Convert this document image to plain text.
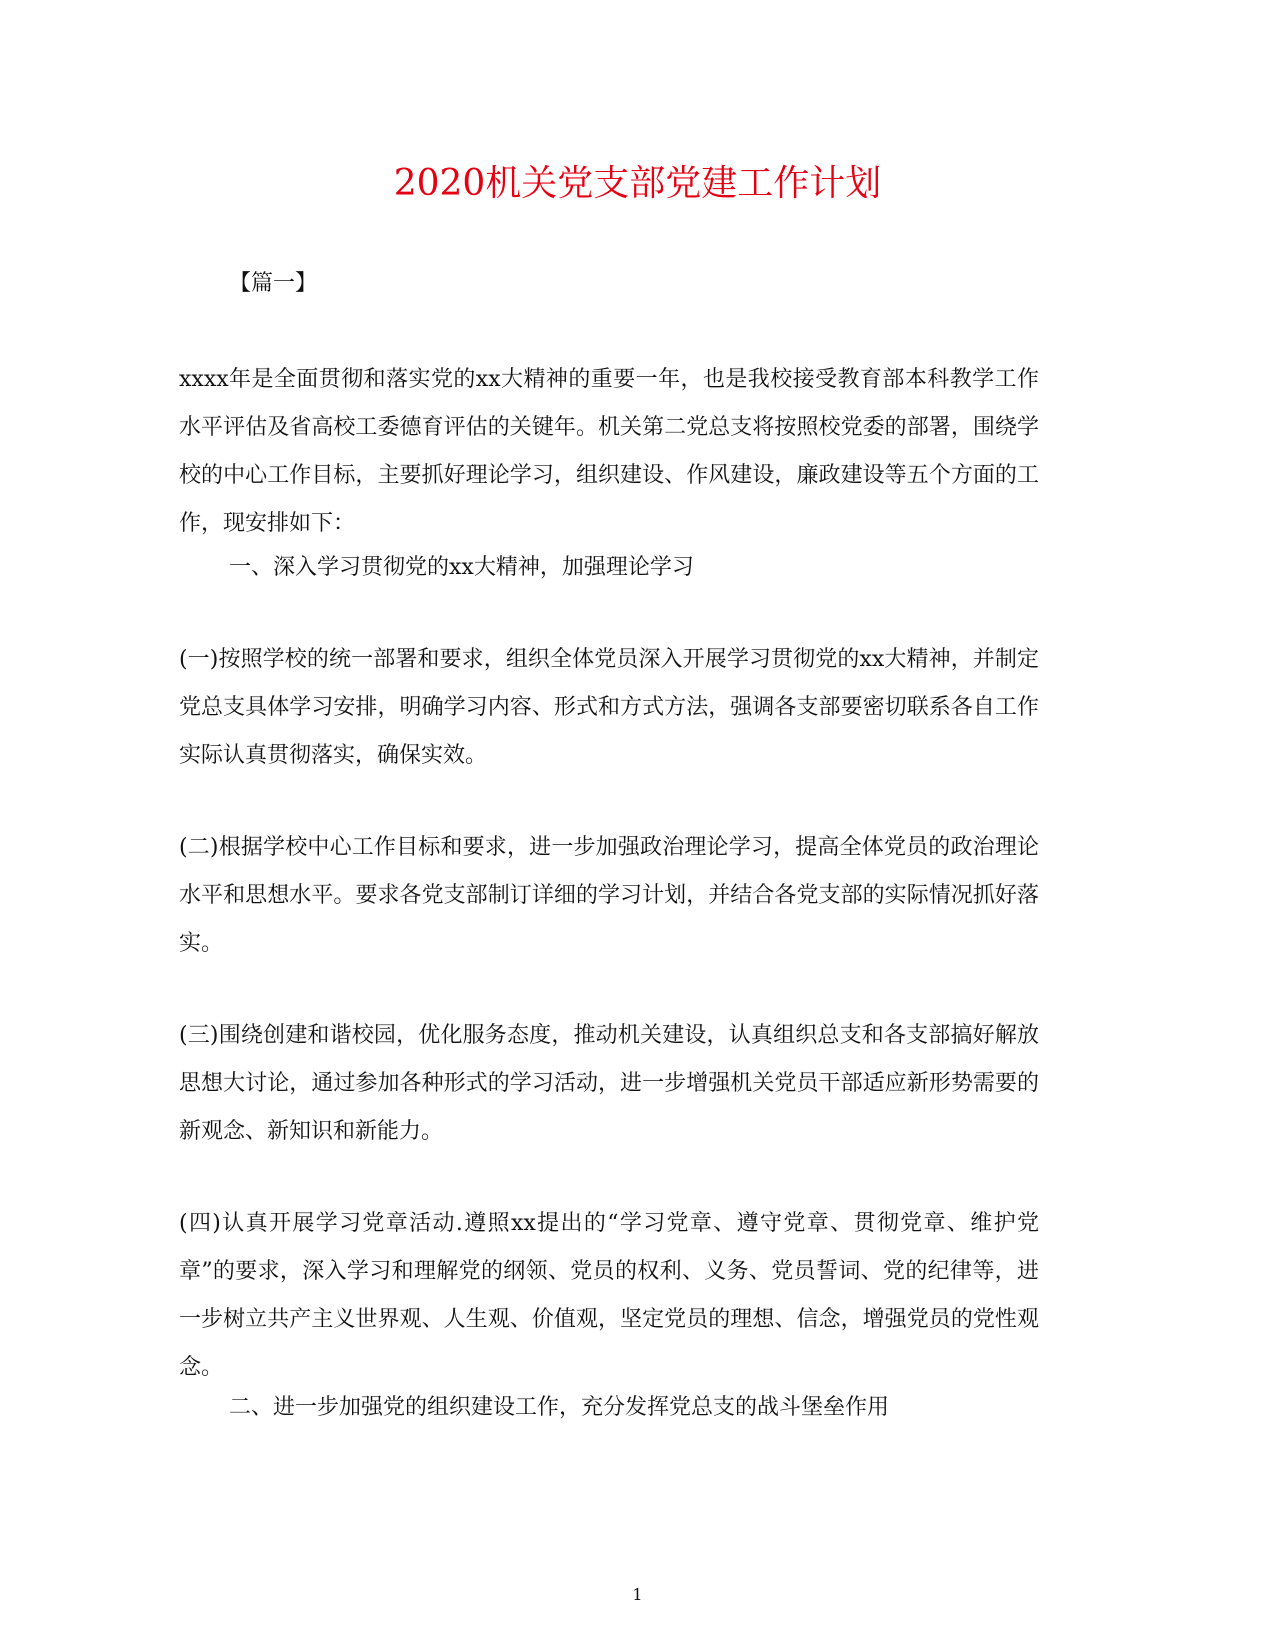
2020机关党支部党建工作计划
【篇一】

xxxx年是全面贯彻和落实党的xx大精神的重要一年，也是我校接受教育部本科教学工作水平评估及省高校工委德育评估的关键年。机关第二党总支将按照校党委的部署，围绕学校的中心工作目标，主要抓好理论学习，组织建设、作风建设，廉政建设等五个方面的工作，现安排如下：

一、深入学习贯彻党的xx大精神，加强理论学习

(一)按照学校的统一部署和要求，组织全体党员深入开展学习贯彻党的xx大精神，并制定党总支具体学习安排，明确学习内容、形式和方式方法，强调各支部要密切联系各自工作实际认真贯彻落实，确保实效。

(二)根据学校中心工作目标和要求，进一步加强政治理论学习，提高全体党员的政治理论水平和思想水平。要求各党支部制订详细的学习计划，并结合各党支部的实际情况抓好落实。

(三)围绕创建和谐校园，优化服务态度，推动机关建设，认真组织总支和各支部搞好解放思想大讨论，通过参加各种形式的学习活动，进一步增强机关党员干部适应新形势需要的新观念、新知识和新能力。

(四)认真开展学习党章活动.遵照xx提出的“学习党章、遵守党章、贯彻党章、维护党章”的要求，深入学习和理解党的纲领、党员的权利、义务、党员誓词、党的纪律等，进一步树立共产主义世界观、人生观、价值观，坚定党员的理想、信念，增强党员的党性观念。

二、进一步加强党的组织建设工作，充分发挥党总支的战斗堡垒作用

1
